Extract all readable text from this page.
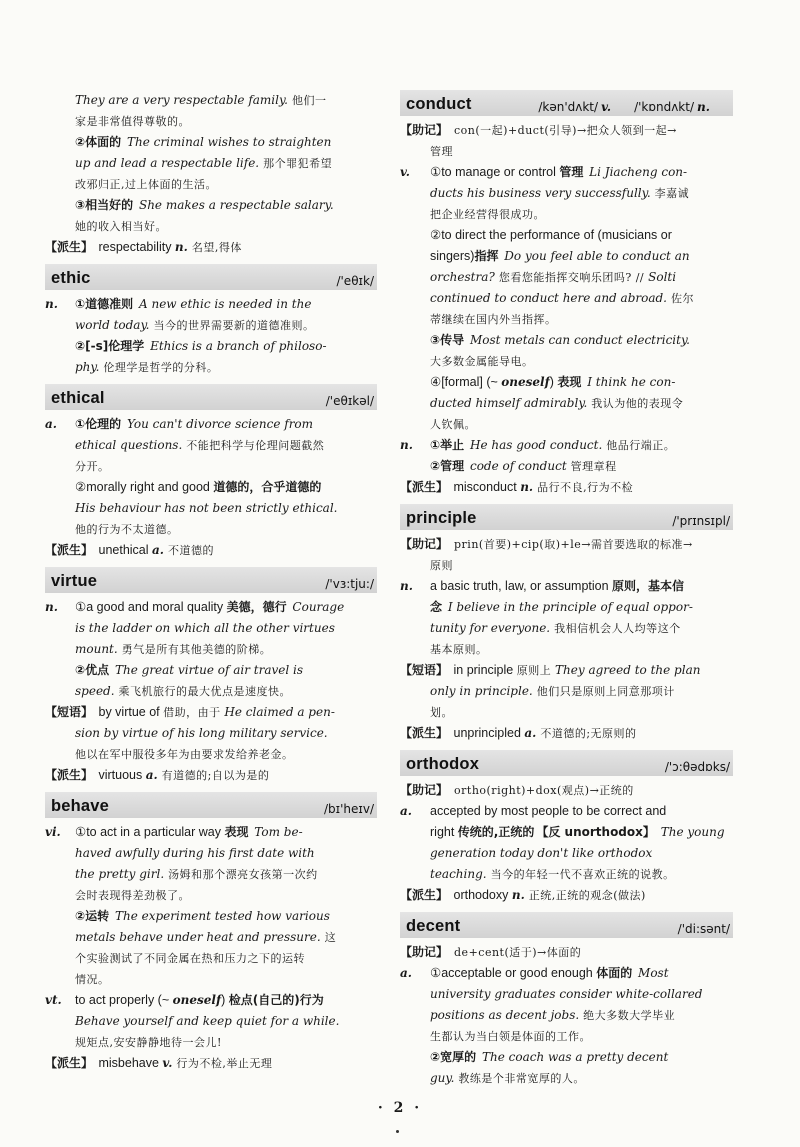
They are a very respectable family. 他们一
家是非常值得尊敬的。
②体面的 The criminal wishes to straighten
up and lead a respectable life. 那个罪犯希望
改邪归正,过上体面的生活。
③相当好的 She makes a respectable salary.
她的收入相当好。
【派生】 respectability n. 名望,得体
ethic	/'eθɪk/
n. ①道德准则 A new ethic is needed in the
world today. 当今的世界需要新的道德准则。
②[-s]伦理学 Ethics is a branch of philoso-
phy. 伦理学是哲学的分科。
ethical	/'eθɪkəl/
a. ①伦理的 You can't divorce science from
ethical questions. 不能把科学与伦理问题截然
分开。
②morally right and good 道德的，合乎道德的
His behaviour has not been strictly ethical.
他的行为不太道德。
【派生】 unethical a. 不道德的
virtue	/'vɜ:tju:/
n. ①a good and moral quality 美德，德行 Courage
is the ladder on which all the other virtues
mount. 勇气是所有其他美德的阶梯。
②优点 The great virtue of air travel is
speed. 乘飞机旅行的最大优点是速度快。
【短语】 by virtue of 借助，由于 He claimed a pen-
sion by virtue of his long military service.
他以在军中服役多年为由要求发给养老金。
【派生】 virtuous a. 有道德的;自以为是的
behave	/bɪ'heɪv/
vi. ①to act in a particular way 表现 Tom be-
haved awfully during his first date with
the pretty girl. 汤姆和那个漂亮女孩第一次约
会时表现得差劲极了。
②运转 The experiment tested how various
metals behave under heat and pressure. 这
个实验测试了不同金属在热和压力之下的运转
情况。
vt. to act properly (~ oneself) 检点(自己的)行为
Behave yourself and keep quiet for a while.
规矩点,安安静静地待一会儿!
【派生】 misbehave v. 行为不检,举止无理
conduct	/kən'dʌkt/ v. /'kɒndʌkt/ n.
【助记】 con(一起)+duct(引导)→把众人领到一起→
管理
v. ①to manage or control 管理 Li Jiacheng con-
ducts his business very successfully. 李嘉诚
把企业经营得很成功。
②to direct the performance of (musicians or
singers)指挥 Do you feel able to conduct an
orchestra? 您看您能指挥交响乐团吗? // Solti
continued to conduct here and abroad. 佐尔
蒂继续在国内外当指挥。
③传导 Most metals can conduct electricity.
大多数金属能导电。
④[formal] (~ oneself) 表现 I think he con-
ducted himself admirably. 我认为他的表现令
人钦佩。
n. ①举止 He has good conduct. 他品行端正。
②管理 code of conduct 管理章程
【派生】 misconduct n. 品行不良,行为不检
principle	/'prɪnsɪpl/
【助记】 prin(首要)+cip(取)+le→需首要选取的标准→
原则
n. a basic truth, law, or assumption 原则，基本信
念 I believe in the principle of equal oppor-
tunity for everyone. 我相信机会人人均等这个
基本原则。
【短语】 in principle 原则上 They agreed to the plan
only in principle. 他们只是原则上同意那项计
划。
【派生】 unprincipled a. 不道德的;无原则的
orthodox	/'ɔ:θədɒks/
【助记】 ortho(right)+dox(观点)→正统的
a. accepted by most people to be correct and
right 传统的,正统的 【反 unorthodox】 The young
generation today don't like orthodox
teaching. 当今的年轻一代不喜欢正统的说教。
【派生】 orthodoxy n. 正统,正统的观念(做法)
decent	/'di:sənt/
【助记】 de+cent(适于)→体面的
a. ①acceptable or good enough 体面的 Most
university graduates consider white-collared
positions as decent jobs. 绝大多数大学毕业
生都认为当白领是体面的工作。
②宽厚的 The coach was a pretty decent
guy. 教练是个非常宽厚的人。
· 2 ·
